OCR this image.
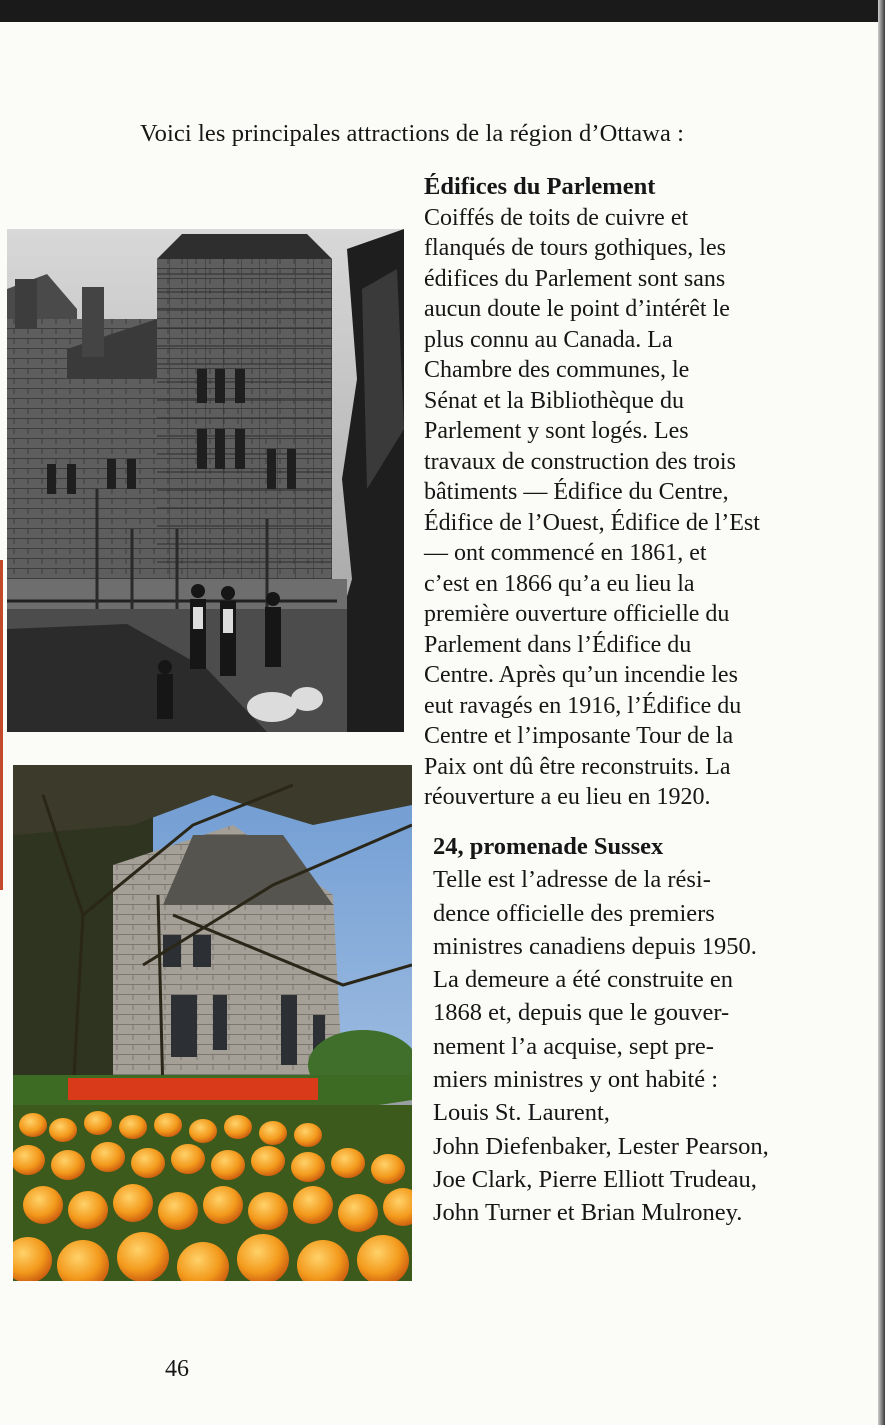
Voici les principales attractions de la région d’Ottawa :

Édifices du Parlement

Coiffés de toits de cuivre et

flanqués de tours gothiques, les

édifices du Parlement sont sans

aucun doute le point d’intérêt le

plus connu au Canada. La

Chambre des communes, le

Sénat et la Bibliothèque du

Parlement y sont logés. Les

travaux de construction des trois

bâtiments — Édifice du Centre,

Édifice de l’Ouest, Édifice de l’Est

— ont commencé en 1861, et

c’est en 1866 qu’a eu lieu la

première ouverture officielle du

Parlement dans l’Édifice du

Centre. Après qu’un incendie les

eut ravagés en 1916, l’Édifice du

Centre et l’imposante Tour de la

Paix ont dû être reconstruits. La

réouverture a eu lieu en 1920.

24, promenade Sussex

Telle est l’adresse de la rési-

dence officielle des premiers

ministres canadiens depuis 1950.

La demeure a été construite en

1868 et, depuis que le gouver-

nement l’a acquise, sept pre-

miers ministres y ont habité :

Louis St. Laurent,

John Diefenbaker, Lester Pearson,

Joe Clark, Pierre Elliott Trudeau,

John Turner et Brian Mulroney.

46
